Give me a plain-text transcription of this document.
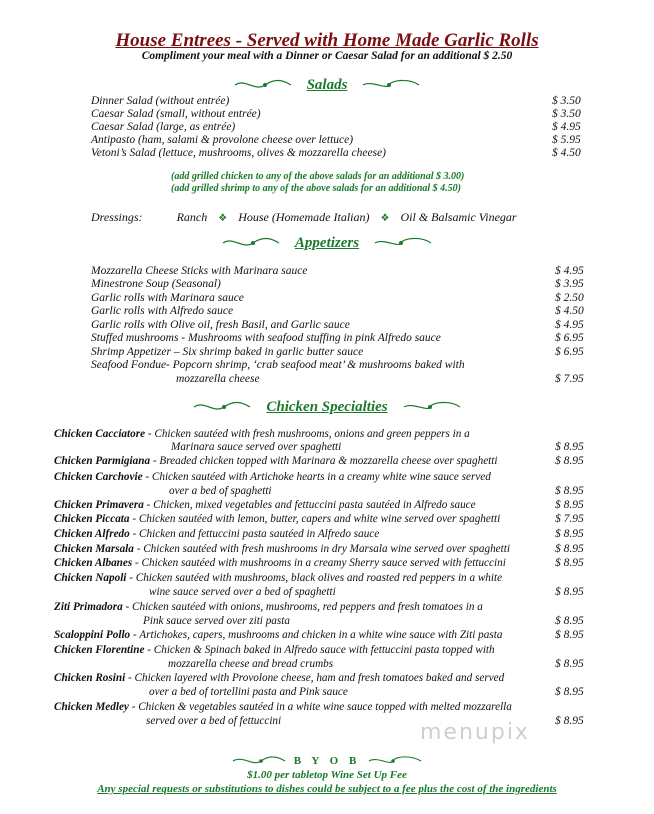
House Entrees - Served with Home Made Garlic Rolls
Compliment your meal with a Dinner or Caesar Salad for an additional $ 2.50
Salads
Dinner Salad (without entrée)	$ 3.50
Caesar Salad (small, without entrée)	$ 3.50
Caesar Salad (large, as entrée)	$ 4.95
Antipasto (ham, salami & provolone cheese over lettuce)	$ 5.95
Vetoni’s Salad (lettuce, mushrooms, olives & mozzarella cheese)	$ 4.50
(add grilled chicken to any of the above salads for an additional $ 3.00)
(add grilled shrimp to any of the above salads for an additional $ 4.50)
Dressings:	Ranch ❖ House (Homemade Italian) ❖ Oil & Balsamic Vinegar
Appetizers
Mozzarella Cheese Sticks with Marinara sauce	$ 4.95
Minestrone Soup (Seasonal)	$ 3.95
Garlic rolls with Marinara sauce	$ 2.50
Garlic rolls with Alfredo sauce	$ 4.50
Garlic rolls with Olive oil, fresh Basil, and Garlic sauce	$ 4.95
Stuffed mushrooms - Mushrooms with seafood stuffing in pink Alfredo sauce	$ 6.95
Shrimp Appetizer – Six shrimp baked in garlic butter sauce	$ 6.95
Seafood Fondue- Popcorn shrimp, ‘crab seafood meat’ & mushrooms baked with
mozzarella cheese	$ 7.95
Chicken Specialties
Chicken Cacciatore - Chicken sautéed with fresh mushrooms, onions and green peppers in a
Marinara sauce served over spaghetti	$ 8.95
Chicken Parmigiana - Breaded chicken topped with Marinara & mozzarella cheese over spaghetti	$ 8.95
Chicken Carchovie - Chicken sautéed with Artichoke hearts in a creamy white wine sauce served
over a bed of spaghetti	$ 8.95
Chicken Primavera - Chicken, mixed vegetables and fettuccini pasta sautéed in Alfredo sauce	$ 8.95
Chicken Piccata - Chicken sautéed with lemon, butter, capers and white wine served over spaghetti	$ 7.95
Chicken Alfredo - Chicken and fettuccini pasta sautéed in Alfredo sauce	$ 8.95
Chicken Marsala - Chicken sautéed with fresh mushrooms in dry Marsala wine served over spaghetti	$ 8.95
Chicken Albanes - Chicken sautéed with mushrooms in a creamy Sherry sauce served with fettuccini	$ 8.95
Chicken Napoli - Chicken sautéed with mushrooms, black olives and roasted red peppers in a white
wine sauce served over a bed of spaghetti	$ 8.95
Ziti Primadora - Chicken sautéed with onions, mushrooms, red peppers and fresh tomatoes in a
Pink sauce served over ziti pasta	$ 8.95
Scaloppini Pollo - Artichokes, capers, mushrooms and chicken in a white wine sauce with Ziti pasta	$ 8.95
Chicken Florentine - Chicken & Spinach baked in Alfredo sauce with fettuccini pasta topped with
mozzarella cheese and bread crumbs	$ 8.95
Chicken Rosini - Chicken layered with Provolone cheese, ham and fresh tomatoes baked and served
over a bed of tortellini pasta and Pink sauce	$ 8.95
Chicken Medley - Chicken & vegetables sautéed in a white wine sauce topped with melted mozzarella
served over a bed of fettuccini	$ 8.95
menupix
B Y O B
$1.00 per tabletop Wine Set Up Fee
Any special requests or substitutions to dishes could be subject to a fee plus the cost of the ingredients
